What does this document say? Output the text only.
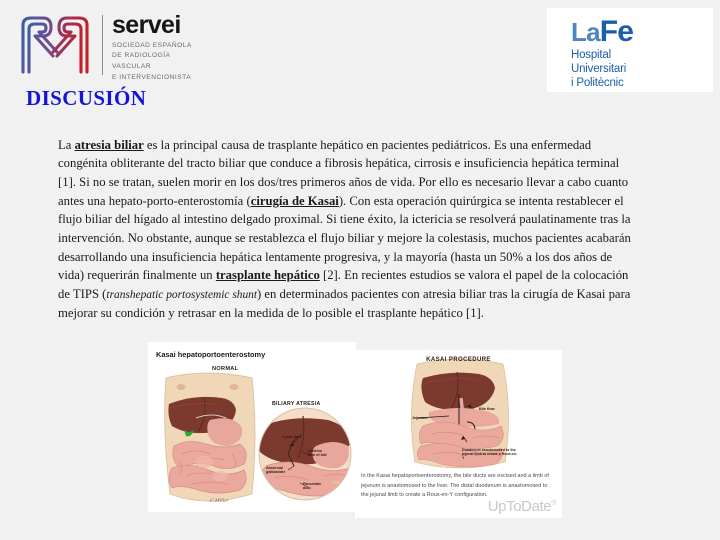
servei
SOCIEDAD ESPAÑOLA
DE RADIOLOGÍA
VASCULAR
E INTERVENCIONISTA
LaFe
Hospital
Universitari
i Politècnic
DISCUSIÓN

La atresia biliar es la principal causa de trasplante hepático en pacientes pediátricos. Es una enfermedad congénita obliterante del tracto biliar que conduce a fibrosis hepática, cirrosis e insuficiencia hepática terminal [1]. Si no se tratan, suelen morir en los dos/tres primeros años de vida. Por ello es necesario llevar a cabo cuanto antes una hepato-porto-enterostomía (cirugía de Kasai). Con esta operación quirúrgica se intenta restablecer el flujo biliar del hígado al intestino delgado proximal. Si tiene éxito, la ictericia se resolverá paulatinamente tras la intervención. No obstante, aunque se restablezca el flujo biliar y mejore la colestasis, muchos pacientes acabarán desarrollando una insuficiencia hepática lentamente progresiva, y la mayoría (hasta un 50% a los dos años de vida) requerirán finalmente un trasplante hepático [2]. En recientes estudios se valora el papel de la colocación de TIPS (transhepatic portosystemic shunt) en determinados pacientes con atresia biliar tras la cirugía de Kasai para mejorar su condición y retrasar en la medida de lo posible el trasplante hepático [1].

Kasai hepatoportoenterostomy
NORMAL
BILIARY ATRESIA
Cystic duct
Little/no
flow of bile
Abnormal
gallbladder
Pancreatic
duct
C.Miller
KASAI PROCEDURE
Bile flow
Jejunum
Duodenum anastomosed to the jejunal limb to create a Roux-en-Y
In the Kasai hepatoportoenterostomy, the bile ducts are excised and a limb of jejunum is anastomosed to the liver. The distal duodenum is anastomosed to the jejunal limb to create a Roux-en-Y configuration.
UpToDate®
